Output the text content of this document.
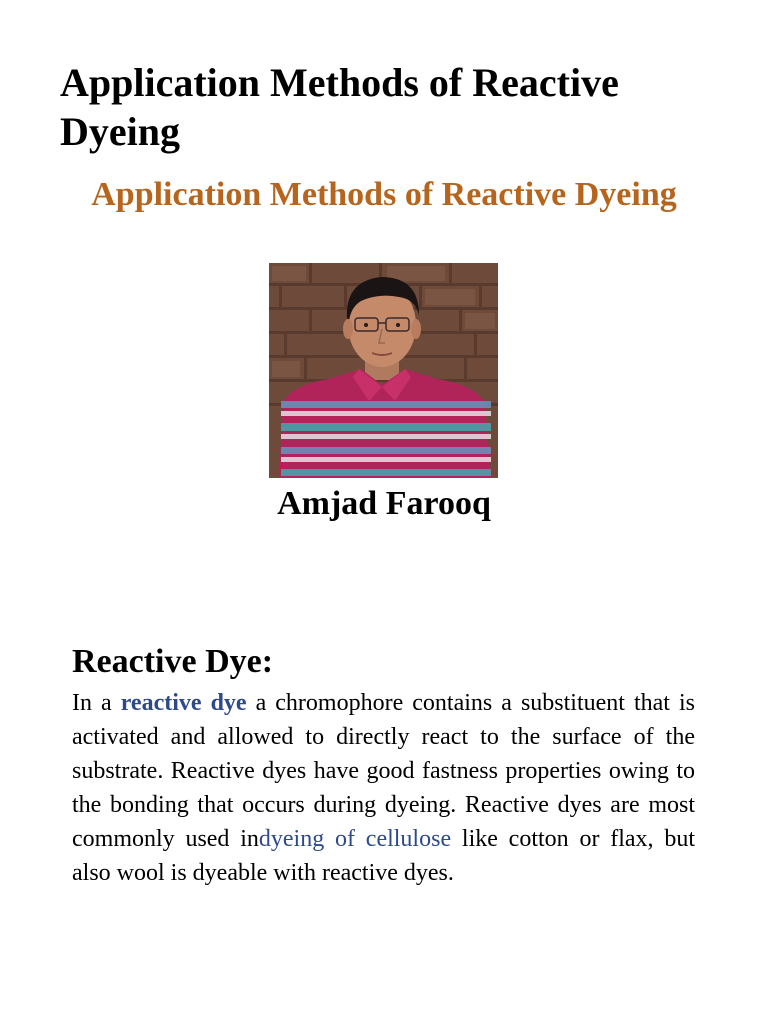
Application Methods of Reactive Dyeing
Application Methods of Reactive Dyeing
Amjad Farooq
Reactive Dye:

In a reactive dye a chromophore contains a substituent that is activated and allowed to directly react to the surface of the substrate. Reactive dyes have good fastness properties owing to the bonding that occurs during dyeing. Reactive dyes are most commonly used indyeing of cellulose like cotton or flax, but also wool is dyeable with reactive dyes.
